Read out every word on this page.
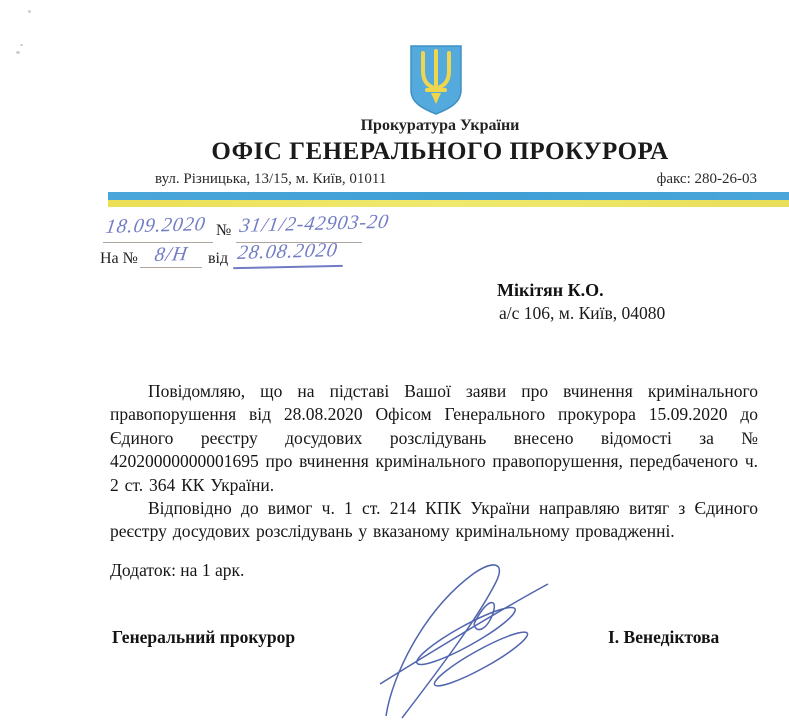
Прокуратура України
ОФІС ГЕНЕРАЛЬНОГО ПРОКУРОРА
вул. Різницька, 13/15, м. Київ, 01011	факс: 280-26-03
18.09.2020 № 31/1/2-42903-20
На № 8/Н від 28.08.2020
Мікітян К.О.
а/с 106, м. Київ, 04080

Повідомляю, що на підставі Вашої заяви про вчинення кримінального правопорушення від 28.08.2020 Офісом Генерального прокурора 15.09.2020 до Єдиного реєстру досудових розслідувань внесено відомості за № 42020000000001695 про вчинення кримінального правопорушення, передбаченого ч. 2 ст. 364 КК України.

Відповідно до вимог ч. 1 ст. 214 КПК України направляю витяг з Єдиного реєстру досудових розслідувань у вказаному кримінальному провадженні.

Додаток: на 1 арк.
Генеральний прокурор	І. Венедіктова
